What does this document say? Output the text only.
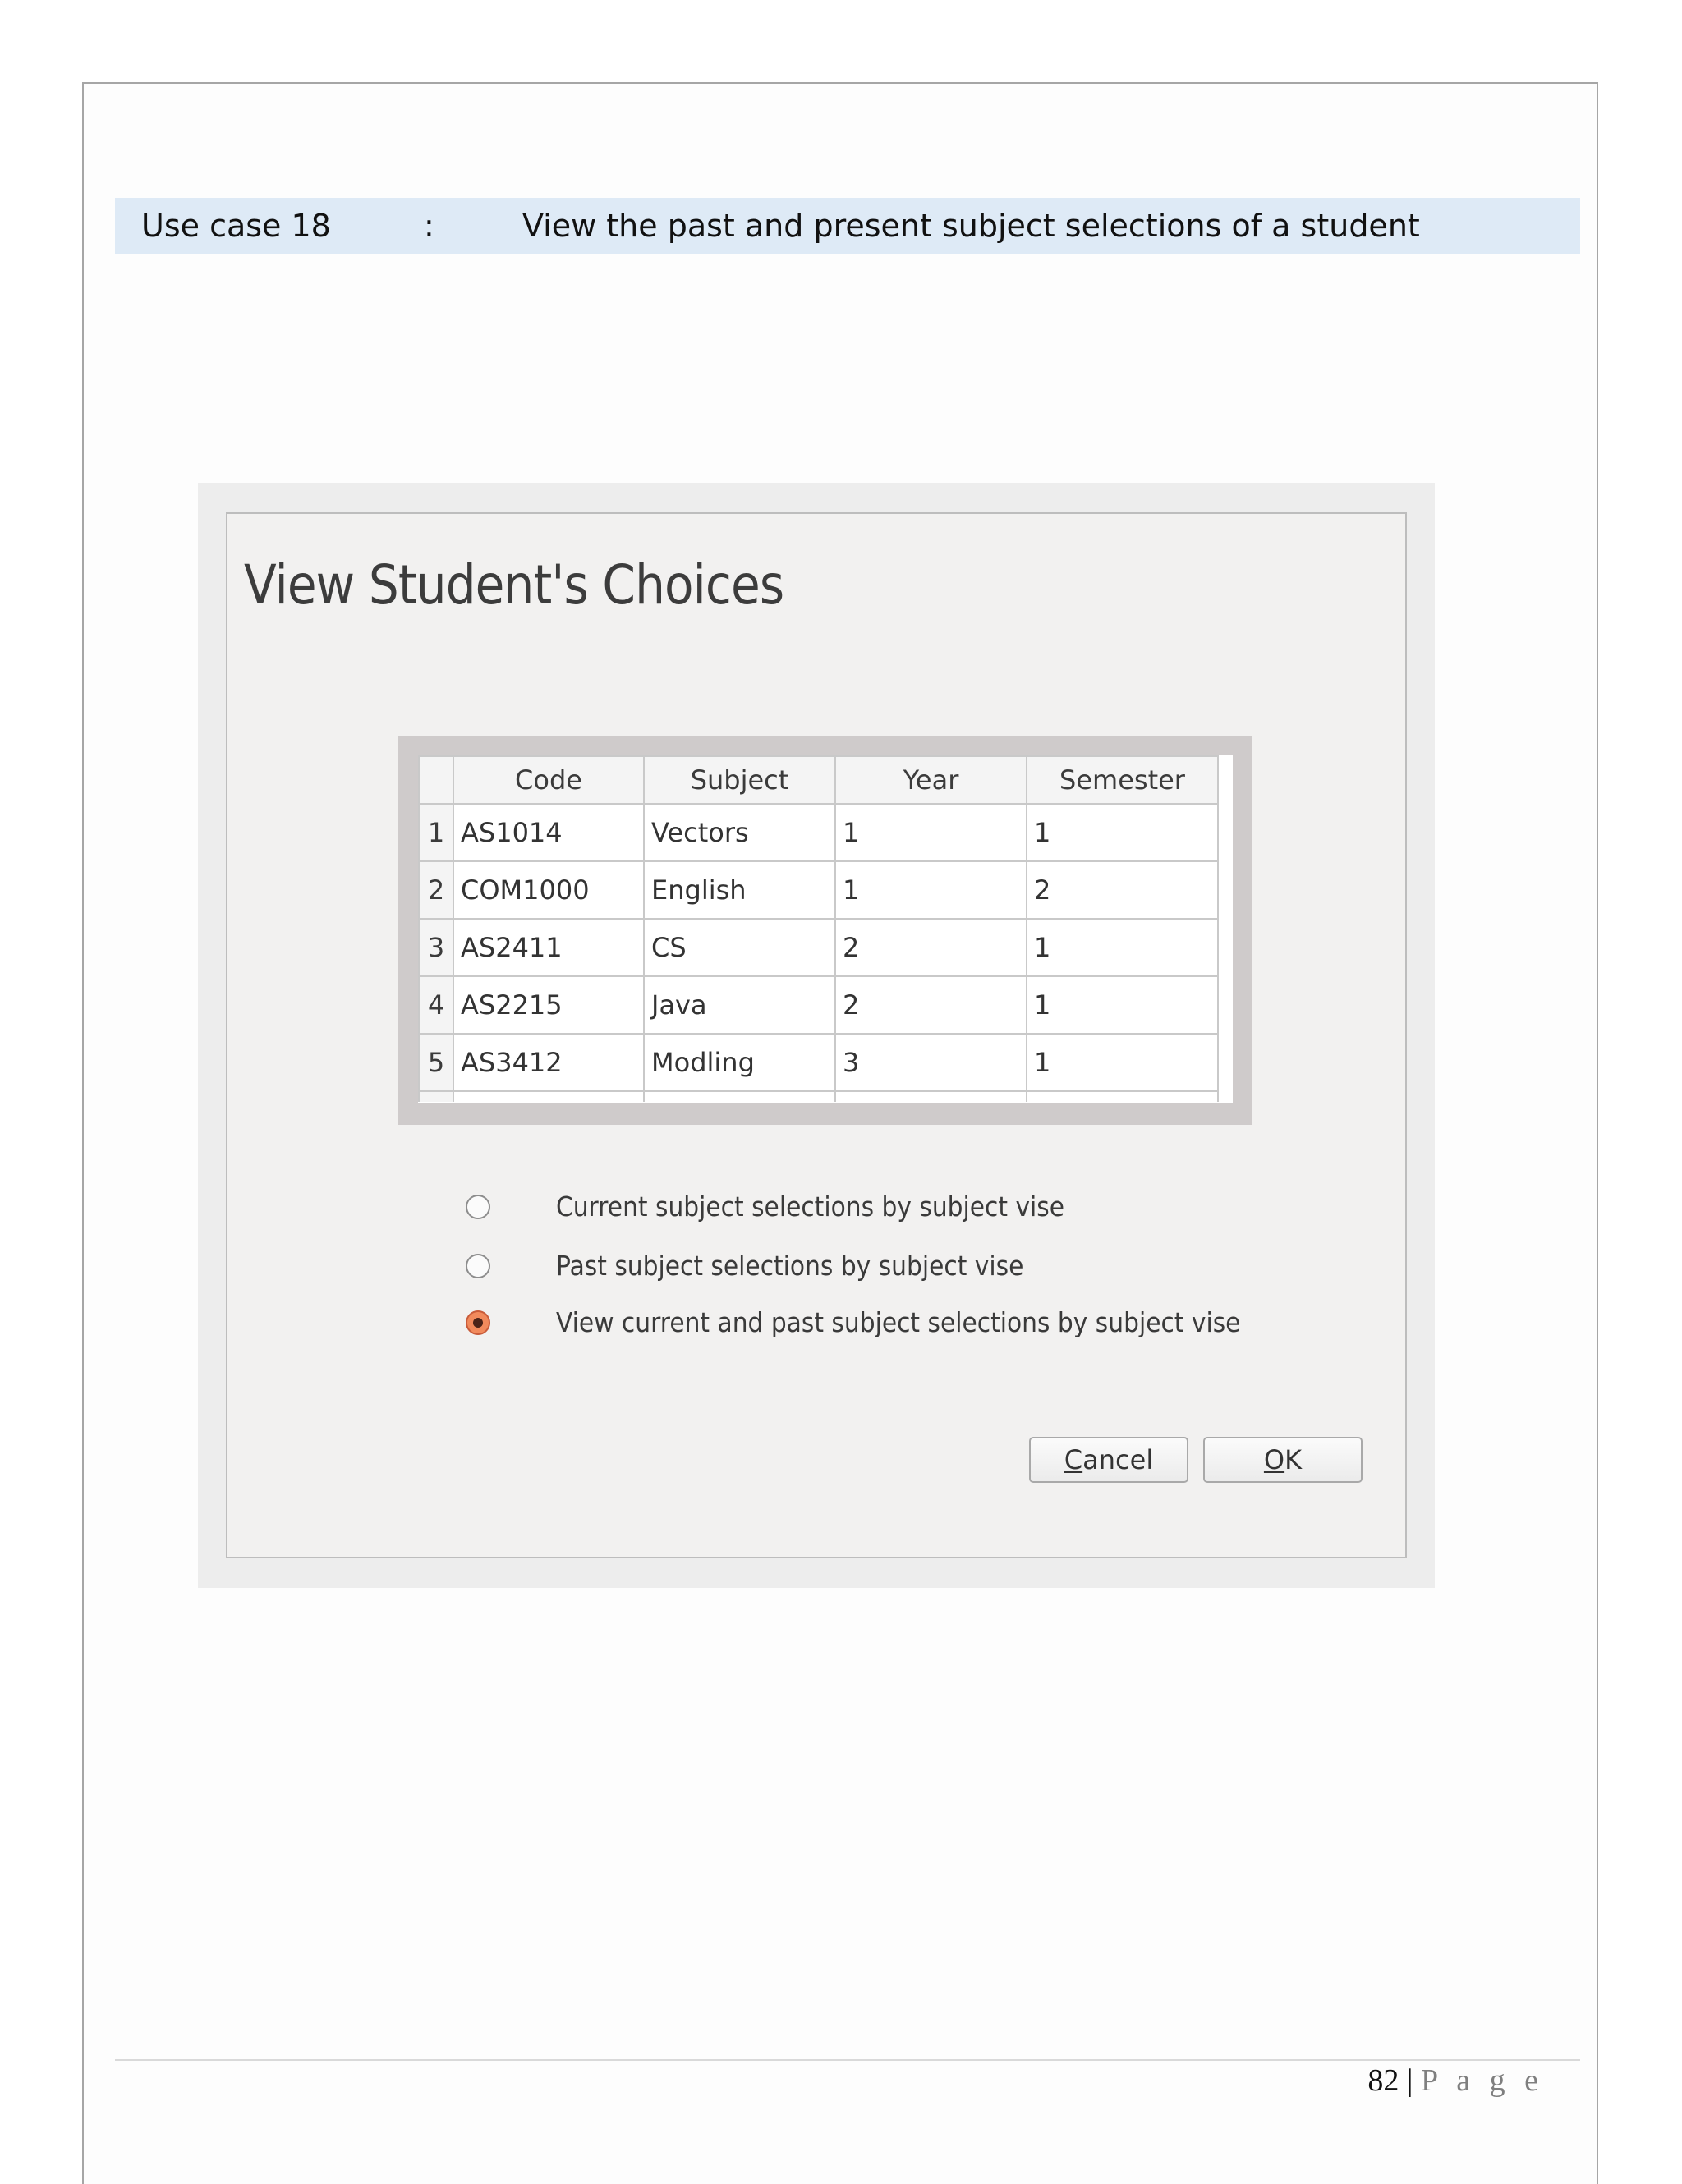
Use case 18	:	View the past and present subject selections of a student
View Student's Choices
	Code	Subject	Year	Semester
1	AS1014	Vectors	1	1
2	COM1000	English	1	2
3	AS2411	CS	2	1
4	AS2215	Java	2	1
5	AS3412	Modling	3	1

Current subject selections by subject vise
Past subject selections by subject vise
View current and past subject selections by subject vise
C ancel	O K
82 | P a g e
